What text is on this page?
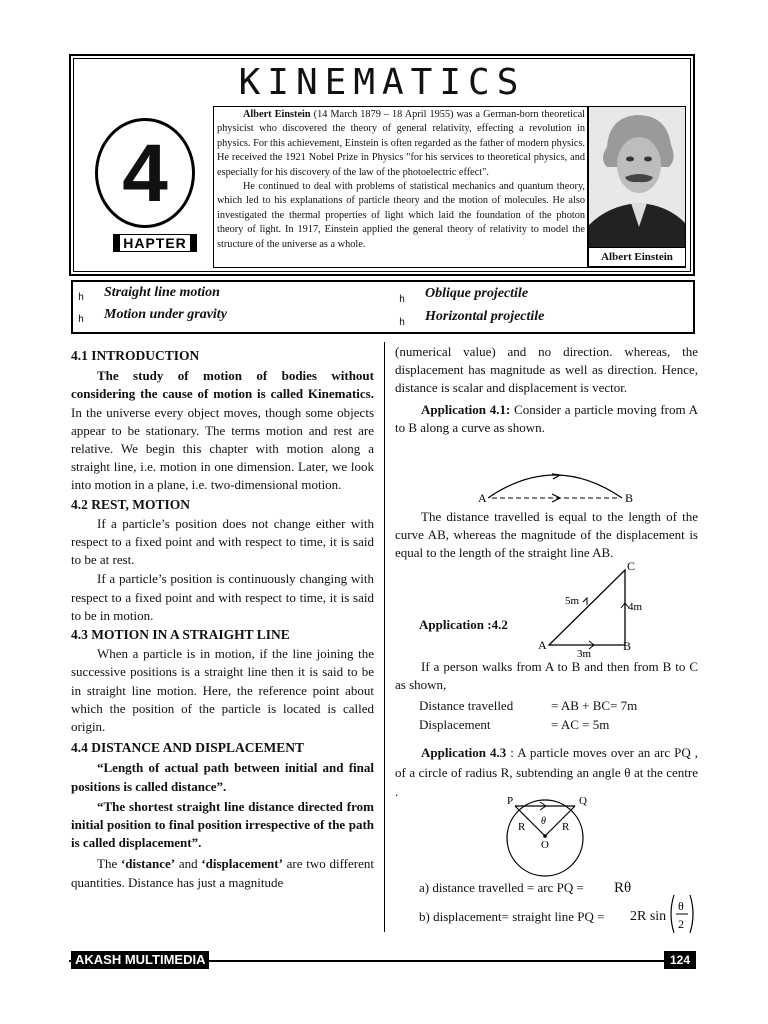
KINEMATICS
4
HAPTER

Albert Einstein (14 March 1879 – 18 April 1955) was a German-born theoretical physicist who discovered the theory of general relativity, effecting a revolution in physics. For this achievement, Einstein is often regarded as the father of modern physics. He received the 1921 Nobel Prize in Physics "for his services to theoretical physics, and especially for his discovery of the law of the photoelectric effect".

He continued to deal with problems of statistical mechanics and quantum theory, which led to his explanations of particle theory and the motion of molecules. He also investigated the thermal properties of light which laid the foundation of the photon theory of light. In 1917, Einstein applied the general theory of relativity to model the structure of the universe as a whole.

Albert Einstein
h Straight line motion
h Motion under gravity
h Oblique projectile
h Horizontal projectile

4.1 INTRODUCTION

The study of motion of bodies without considering the cause of motion is called Kinematics. In the universe every object moves, though some objects appear to be stationary. The terms motion and rest are relative. We begin this chapter with motion along a straight line, i.e. motion in one dimension. Later, we look into motion in a plane, i.e. two-dimensional motion.

4.2 REST, MOTION

If a particle’s position does not change either with respect to a fixed point and with respect to time, it is said to be at rest.

If a particle’s position is continuously changing with respect to a fixed point and with respect to time, it is said to be in motion.

4.3 MOTION IN A STRAIGHT LINE

When a particle is in motion, if the line joining the successive positions is a straight line then it is said to be in straight line motion. Here, the reference point about which the position of the particle is located is called origin.

4.4 DISTANCE AND DISPLACEMENT

“Length of actual path between initial and final positions is called distance”.

“The shortest straight line distance directed from initial position to final position irrespective of the path is called displacement”.

The ‘distance’ and ‘displacement’ are two different quantities. Distance has just a magnitude

(numerical value) and no direction. whereas, the displacement has magnitude as well as direction. Hence, distance is scalar and displacement is vector.

Application 4.1: Consider a particle moving from A to B along a curve as shown.

A	B

The distance travelled is equal to the length of the curve AB, whereas the magnitude of the displacement is equal to the length of the straight line AB.

A	B
C
5m	4m
3m
Application :4.2

If a person walks from A to B and then from B to C as shown,

Distance travelled	= AB + BC= 7m
Displacement	= AC = 5m

Application 4.3 : A particle moves over an arc PQ , of a circle of radius R, subtending an angle θ at the centre .

P	Q
R	R
θ
O
a) distance travelled = arc PQ = Rθ
b) displacement= straight line PQ = 2R sin
θ
2
AKASH MULTIMEDIA	124
